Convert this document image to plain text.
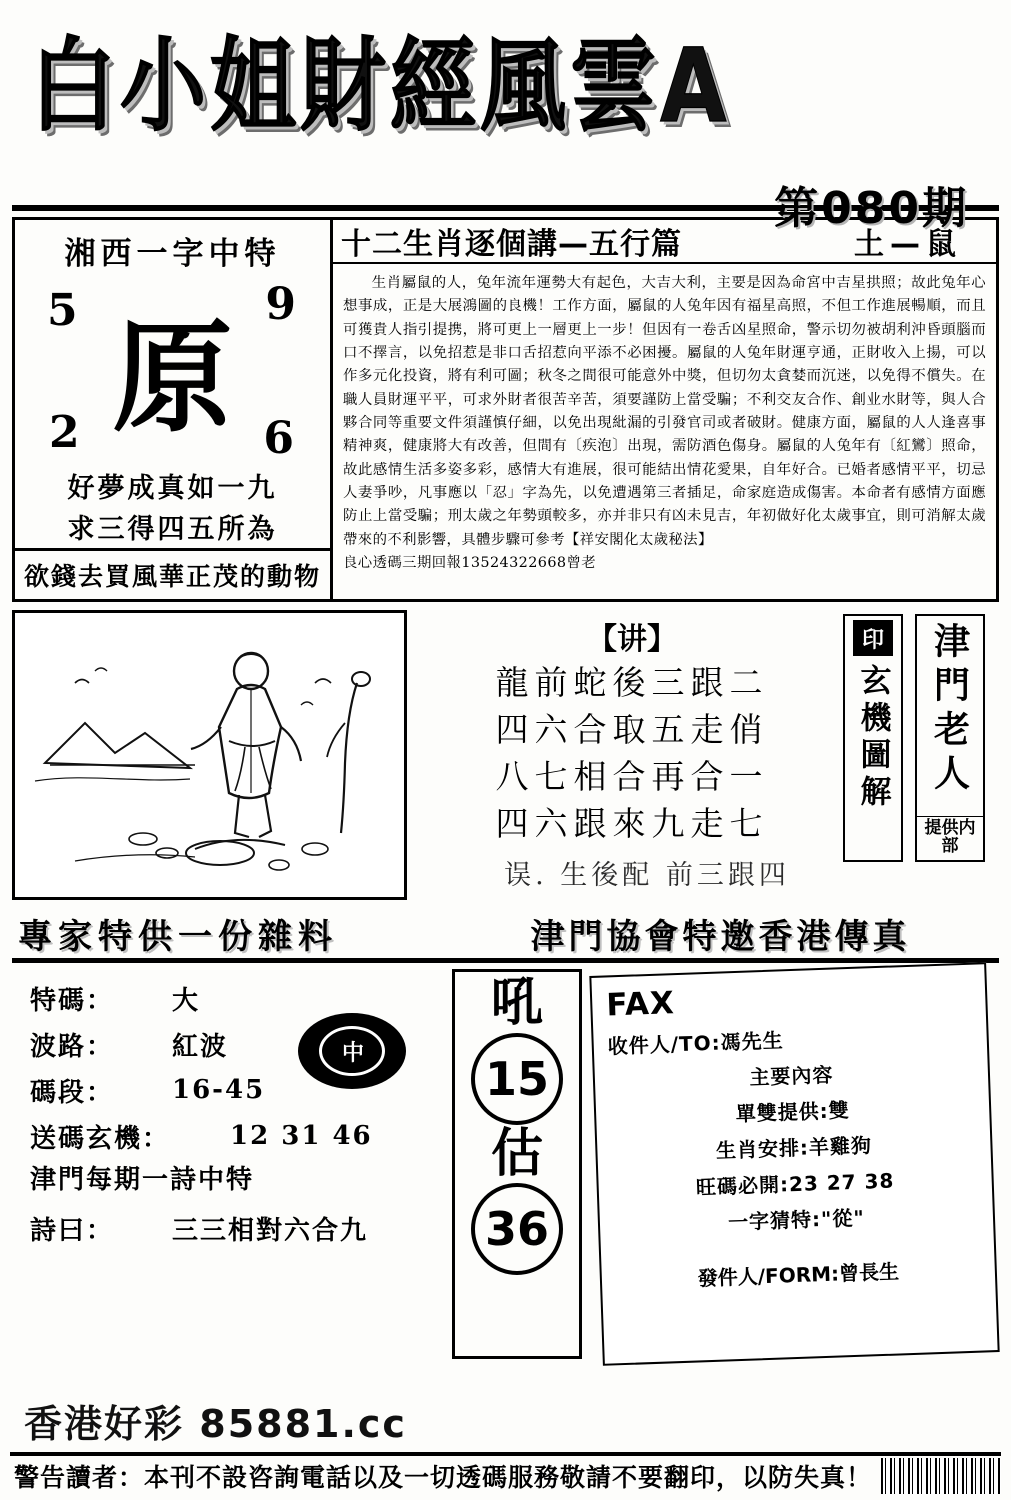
白小姐財經風雲A
第080期
湘西一字中特
5	9
2	6
原
好夢成真如一九
求三得四五所為
欲錢去買風華正茂的動物
十二生肖逐個講—五行篇	土—鼠

生肖屬鼠的人，兔年流年運勢大有起色，大吉大利，主要是因為命宮中吉星拱照；故此兔年心想事成，正是大展鴻圖的良機！工作方面，屬鼠的人兔年因有福星高照，不但工作進展暢順，而且可獲貴人指引提携，將可更上一層更上一步！但因有一卷舌凶星照命，警示切勿被胡利沖昏頭腦而口不擇言，以免招惹是非口舌招惹向平添不必困擾。屬鼠的人兔年財運亨通，正財收入上揚，可以作多元化投資，將有利可圖；秋冬之間很可能意外中獎，但切勿太貪婪而沉迷，以免得不償失。在職人員財運平平，可求外財者很苦辛苦，須要謹防上當受騙；不利交友合作、創业水財等，與人合夥合同等重要文件須謹慎仔細，以免出現紕漏的引發官司或者破財。健康方面，屬鼠的人人逢喜事精神爽，健康將大有改善，但間有〔疾泡〕出現，需防酒色傷身。屬鼠的人兔年有〔紅鸞〕照命，故此感情生活多姿多彩，感情大有進展，很可能結出情花愛果，自年好合。已婚者感情平平，切忌人妻爭吵，凡事應以「忍」字為先，以免遭遇第三者插足，命家庭造成傷害。本命者有感情方面應防止上當受騙；刑太歲之年勢頭較多，亦并非只有凶未見吉，年初做好化太歲事宜，則可消解太歲帶來的不利影響，具體步驟可參考【祥安閣化太歲秘法】

良心透碼三期回報13524322668曾老

【讲】
龍前蛇後三跟二
四六合取五走俏
八七相合再合一
四六跟來九走七
误. 生後配 前三跟四
印
玄機圖解 津門老人
提供内部
專家特供一份雜料	津門協會特邀香港傳真
特碼：	大
波路：	紅波
碼段：	16-45
送碼玄機：	12 31 46
津門每期一詩中特
詩曰：	三三相對六合九
中
吼
15
估
36
FAX
收件人/TO:馮先生
主要內容
單雙提供:雙
生肖安排:羊雞狗
旺碼必開:23 27 38
一字猜特:"從"
發件人/FORM:曾長生
香港好彩 85881.cc
警告讀者：本刊不設咨詢電話以及一切透碼服務敬請不要翻印，以防失真！
